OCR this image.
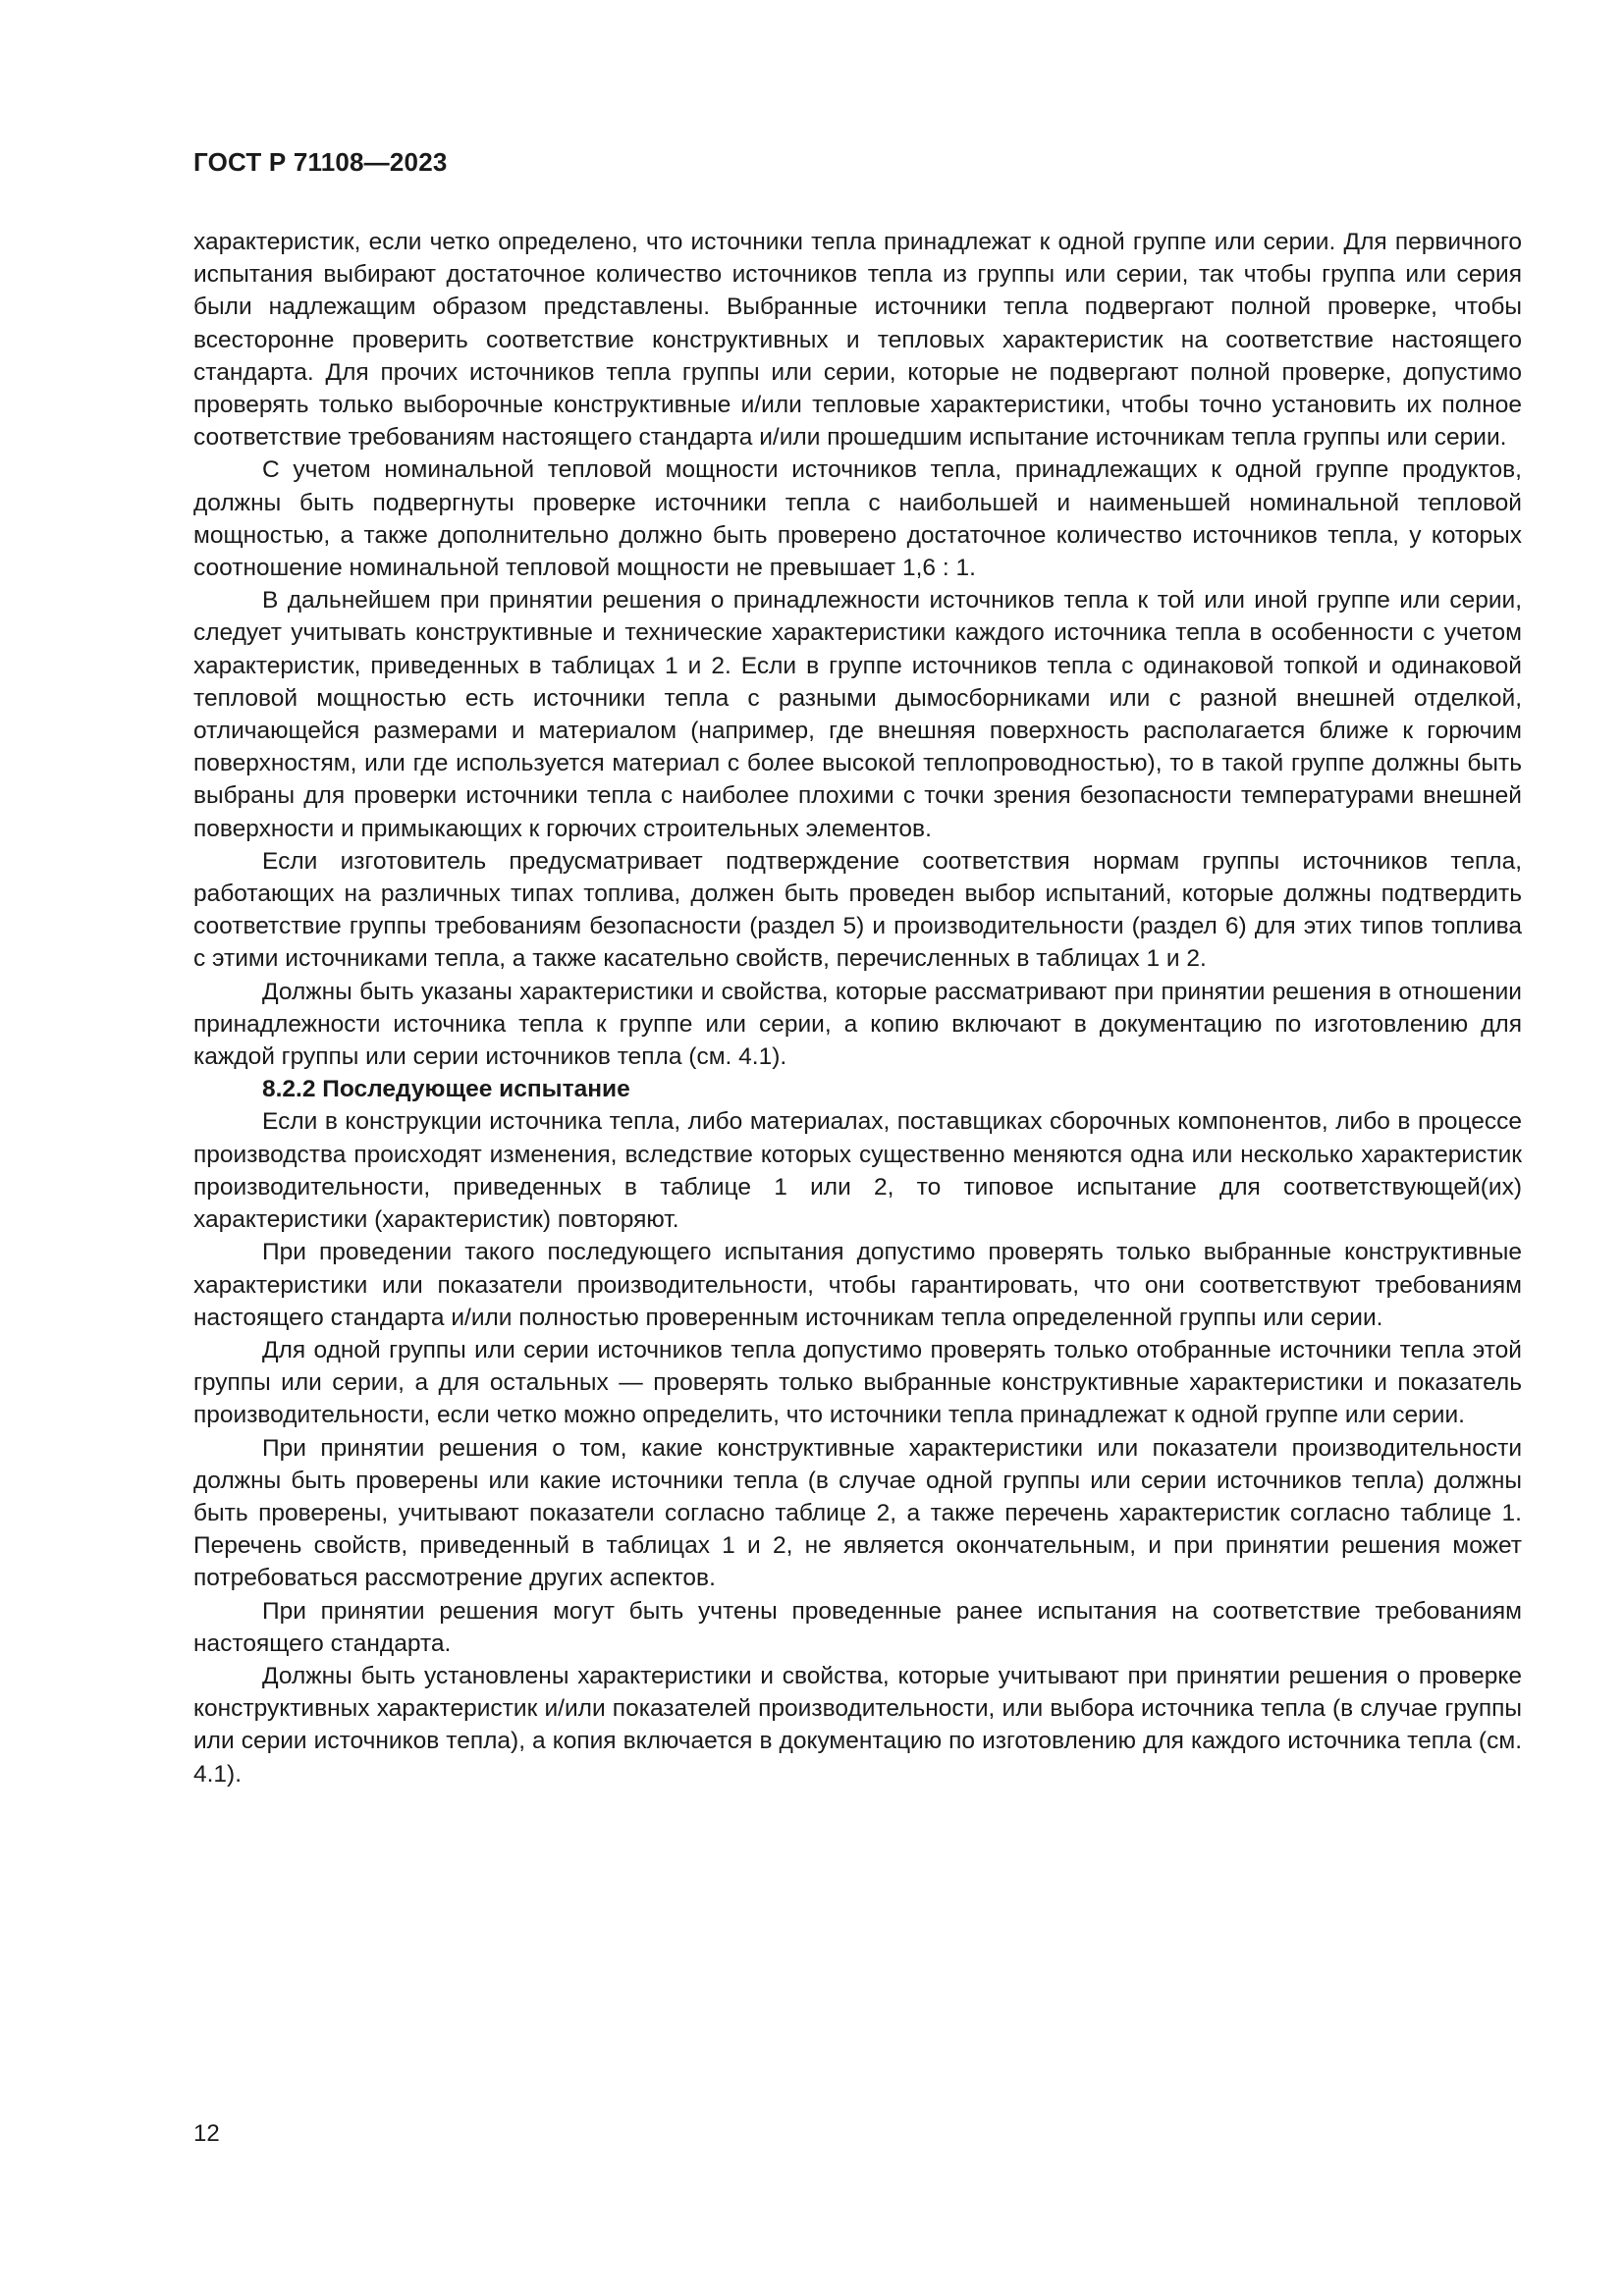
ГОСТ Р 71108—2023

характеристик, если четко определено, что источники тепла принадлежат к одной группе или серии. Для первичного испытания выбирают достаточное количество источников тепла из группы или серии, так чтобы группа или серия были надлежащим образом представлены. Выбранные источники тепла подвергают полной проверке, чтобы всесторонне проверить соответствие конструктивных и тепловых характеристик на соответствие настоящего стандарта. Для прочих источников тепла группы или серии, которые не подвергают полной проверке, допустимо проверять только выборочные конструктивные и/или тепловые характеристики, чтобы точно установить их полное соответствие требованиям настоящего стандарта и/или прошедшим испытание источникам тепла группы или серии.

С учетом номинальной тепловой мощности источников тепла, принадлежащих к одной группе продуктов, должны быть подвергнуты проверке источники тепла с наибольшей и наименьшей номинальной тепловой мощностью, а также дополнительно должно быть проверено достаточное количество источников тепла, у которых соотношение номинальной тепловой мощности не превышает 1,6 : 1.

В дальнейшем при принятии решения о принадлежности источников тепла к той или иной группе или серии, следует учитывать конструктивные и технические характеристики каждого источника тепла в особенности с учетом характеристик, приведенных в таблицах 1 и 2. Если в группе источников тепла с одинаковой топкой и одинаковой тепловой мощностью есть источники тепла с разными дымосборниками или с разной внешней отделкой, отличающейся размерами и материалом (например, где внешняя поверхность располагается ближе к горючим поверхностям, или где используется материал с более высокой теплопроводностью), то в такой группе должны быть выбраны для проверки источники тепла с наиболее плохими с точки зрения безопасности температурами внешней поверхности и примыкающих к горючих строительных элементов.

Если изготовитель предусматривает подтверждение соответствия нормам группы источников тепла, работающих на различных типах топлива, должен быть проведен выбор испытаний, которые должны подтвердить соответствие группы требованиям безопасности (раздел 5) и производительности (раздел 6) для этих типов топлива с этими источниками тепла, а также касательно свойств, перечисленных в таблицах 1 и 2.

Должны быть указаны характеристики и свойства, которые рассматривают при принятии решения в отношении принадлежности источника тепла к группе или серии, а копию включают в документацию по изготовлению для каждой группы или серии источников тепла (см. 4.1).

8.2.2 Последующее испытание

Если в конструкции источника тепла, либо материалах, поставщиках сборочных компонентов, либо в процессе производства происходят изменения, вследствие которых существенно меняются одна или несколько характеристик производительности, приведенных в таблице 1 или 2, то типовое испытание для соответствующей(их) характеристики (характеристик) повторяют.

При проведении такого последующего испытания допустимо проверять только выбранные конструктивные характеристики или показатели производительности, чтобы гарантировать, что они соответствуют требованиям настоящего стандарта и/или полностью проверенным источникам тепла определенной группы или серии.

Для одной группы или серии источников тепла допустимо проверять только отобранные источники тепла этой группы или серии, а для остальных — проверять только выбранные конструктивные характеристики и показатель производительности, если четко можно определить, что источники тепла принадлежат к одной группе или серии.

При принятии решения о том, какие конструктивные характеристики или показатели производительности должны быть проверены или какие источники тепла (в случае одной группы или серии источников тепла) должны быть проверены, учитывают показатели согласно таблице 2, а также перечень характеристик согласно таблице 1. Перечень свойств, приведенный в таблицах 1 и 2, не является окончательным, и при принятии решения может потребоваться рассмотрение других аспектов.

При принятии решения могут быть учтены проведенные ранее испытания на соответствие требованиям настоящего стандарта.

Должны быть установлены характеристики и свойства, которые учитывают при принятии решения о проверке конструктивных характеристик и/или показателей производительности, или выбора источника тепла (в случае группы или серии источников тепла), а копия включается в документацию по изготовлению для каждого источника тепла (см. 4.1).

12
